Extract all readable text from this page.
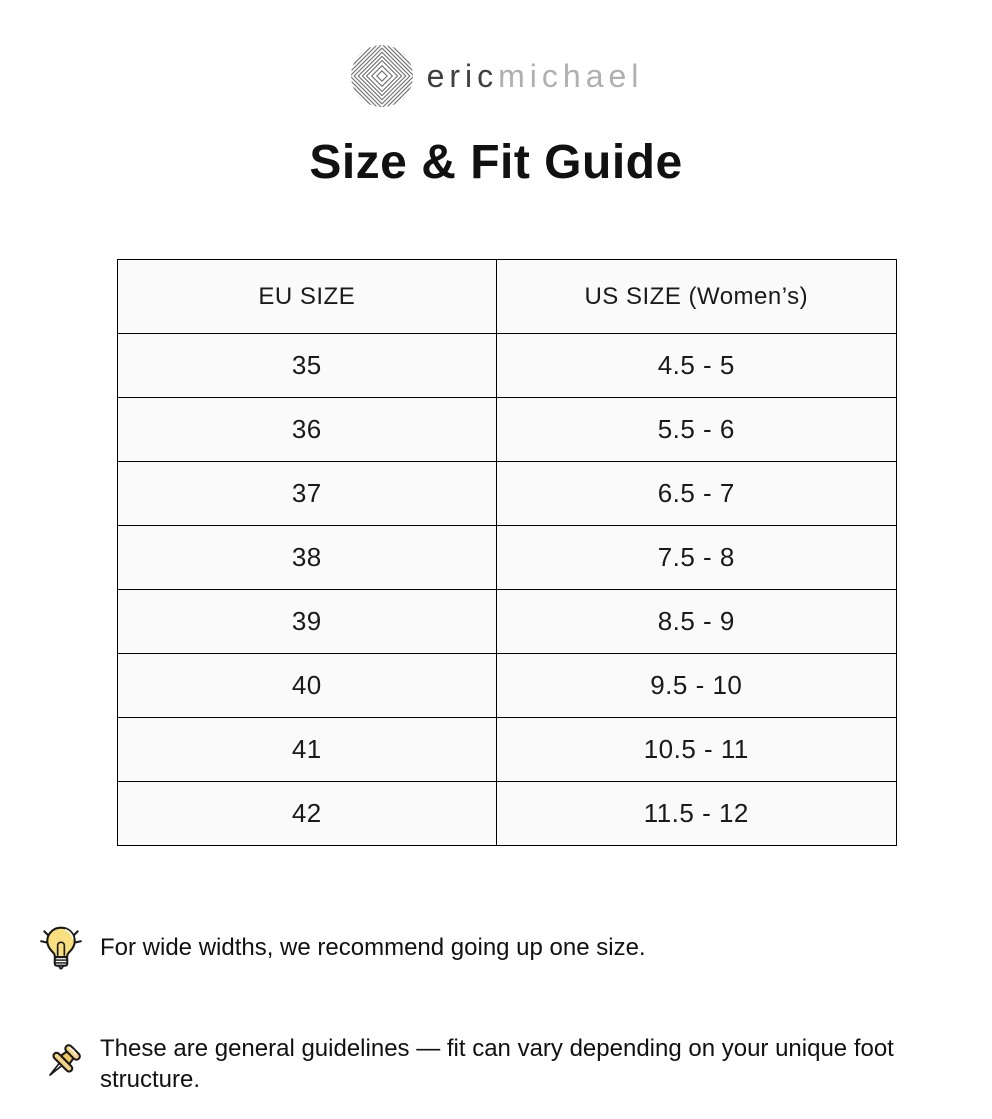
ericmichael
Size & Fit Guide
EU SIZE	US SIZE (Women’s)
35	4.5 - 5
36	5.5 - 6
37	6.5 - 7
38	7.5 - 8
39	8.5 - 9
40	9.5 - 10
41	10.5 - 11
42	11.5 - 12

For wide widths, we recommend going up one size.

These are general guidelines — fit can vary depending on your unique foot structure.
